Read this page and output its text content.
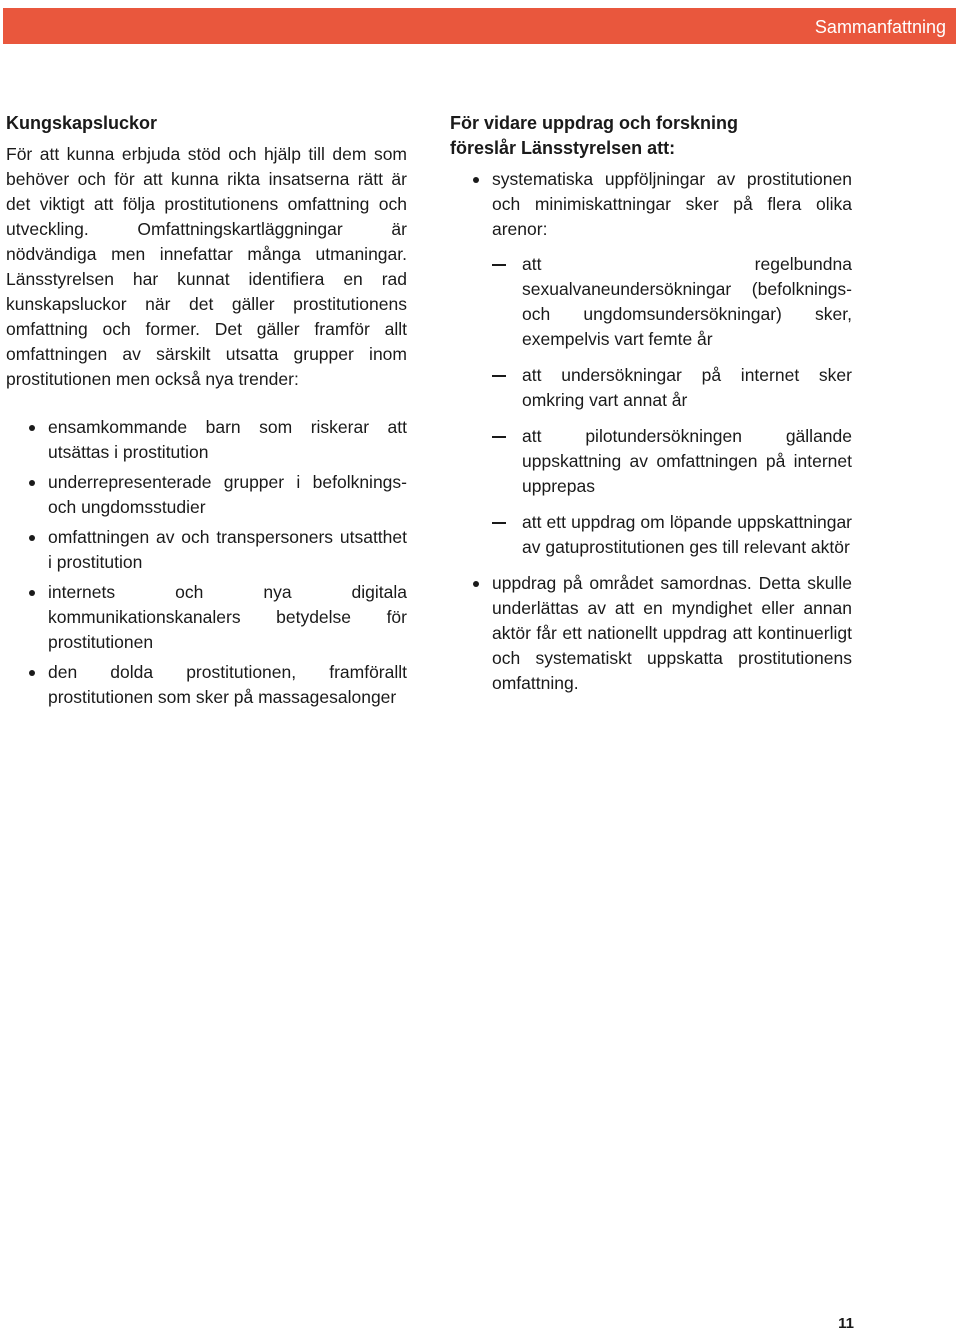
Sammanfattning
Kungskapsluckor

För att kunna erbjuda stöd och hjälp till dem som behöver och för att kunna rikta insatserna rätt är det viktigt att följa prostitutionens omfattning och utveckling. Omfattningskartläggningar är nödvändiga men innefattar många utmaningar. Länsstyrelsen har kunnat identifiera en rad kunskapsluckor när det gäller prostitutionens omfattning och former. Det gäller framför allt omfattningen av särskilt utsatta grupper inom prostitutionen men också nya trender:

ensamkommande barn som riskerar att utsättas i prostitution
underrepresenterade grupper i befolknings- och ungdomsstudier
omfattningen av och transpersoners utsatthet i prostitution
internets och nya digitala kommunikationskanalers betydelse för prostitutionen
den dolda prostitutionen, framförallt prostitutionen som sker på massagesalonger
För vidare uppdrag och forskning
föreslår Länsstyrelsen att:
systematiska uppföljningar av prostitutionen och minimiskattningar sker på flera olika arenor:
att regelbundna sexualvaneundersökningar (befolknings- och ungdomsundersökningar) sker, exempelvis vart femte år
att undersökningar på internet sker omkring vart annat år
att pilotundersökningen gällande uppskattning av omfattningen på internet upprepas
att ett uppdrag om löpande uppskattningar av gatuprostitutionen ges till relevant aktör
uppdrag på området samordnas. Detta skulle underlättas av att en myndighet eller annan aktör får ett nationellt uppdrag att kontinuerligt och systematiskt uppskatta prostitutionens omfattning.
11
